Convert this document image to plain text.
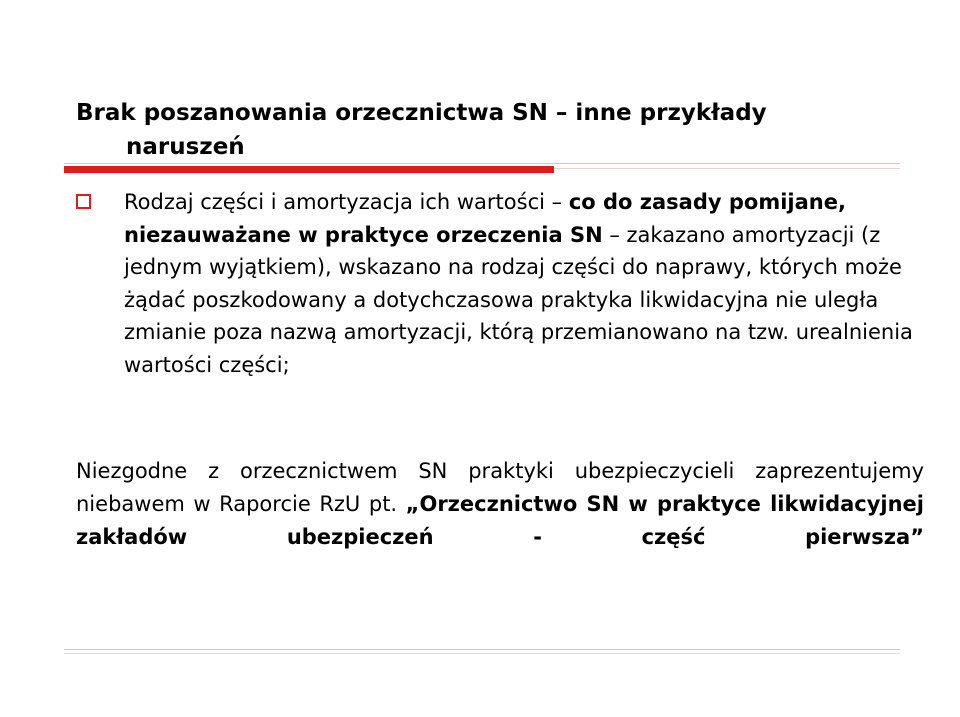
Brak poszanowania orzecznictwa SN – inne przykłady
naruszeń
Rodzaj części i amortyzacja ich wartości – co do zasady pomijane, niezauważane w praktyce orzeczenia SN – zakazano amortyzacji (z jednym wyjątkiem), wskazano na rodzaj części do naprawy, których może żądać poszkodowany a dotychczasowa praktyka likwidacyjna nie uległa zmianie poza nazwą amortyzacji, którą przemianowano na tzw. urealnienia wartości części;
Niezgodne z orzecznictwem SN praktyki ubezpieczycieli zaprezentujemy niebawem w Raporcie RzU pt. „Orzecznictwo SN w praktyce likwidacyjnej zakładów ubezpieczeń - część pierwsza”
